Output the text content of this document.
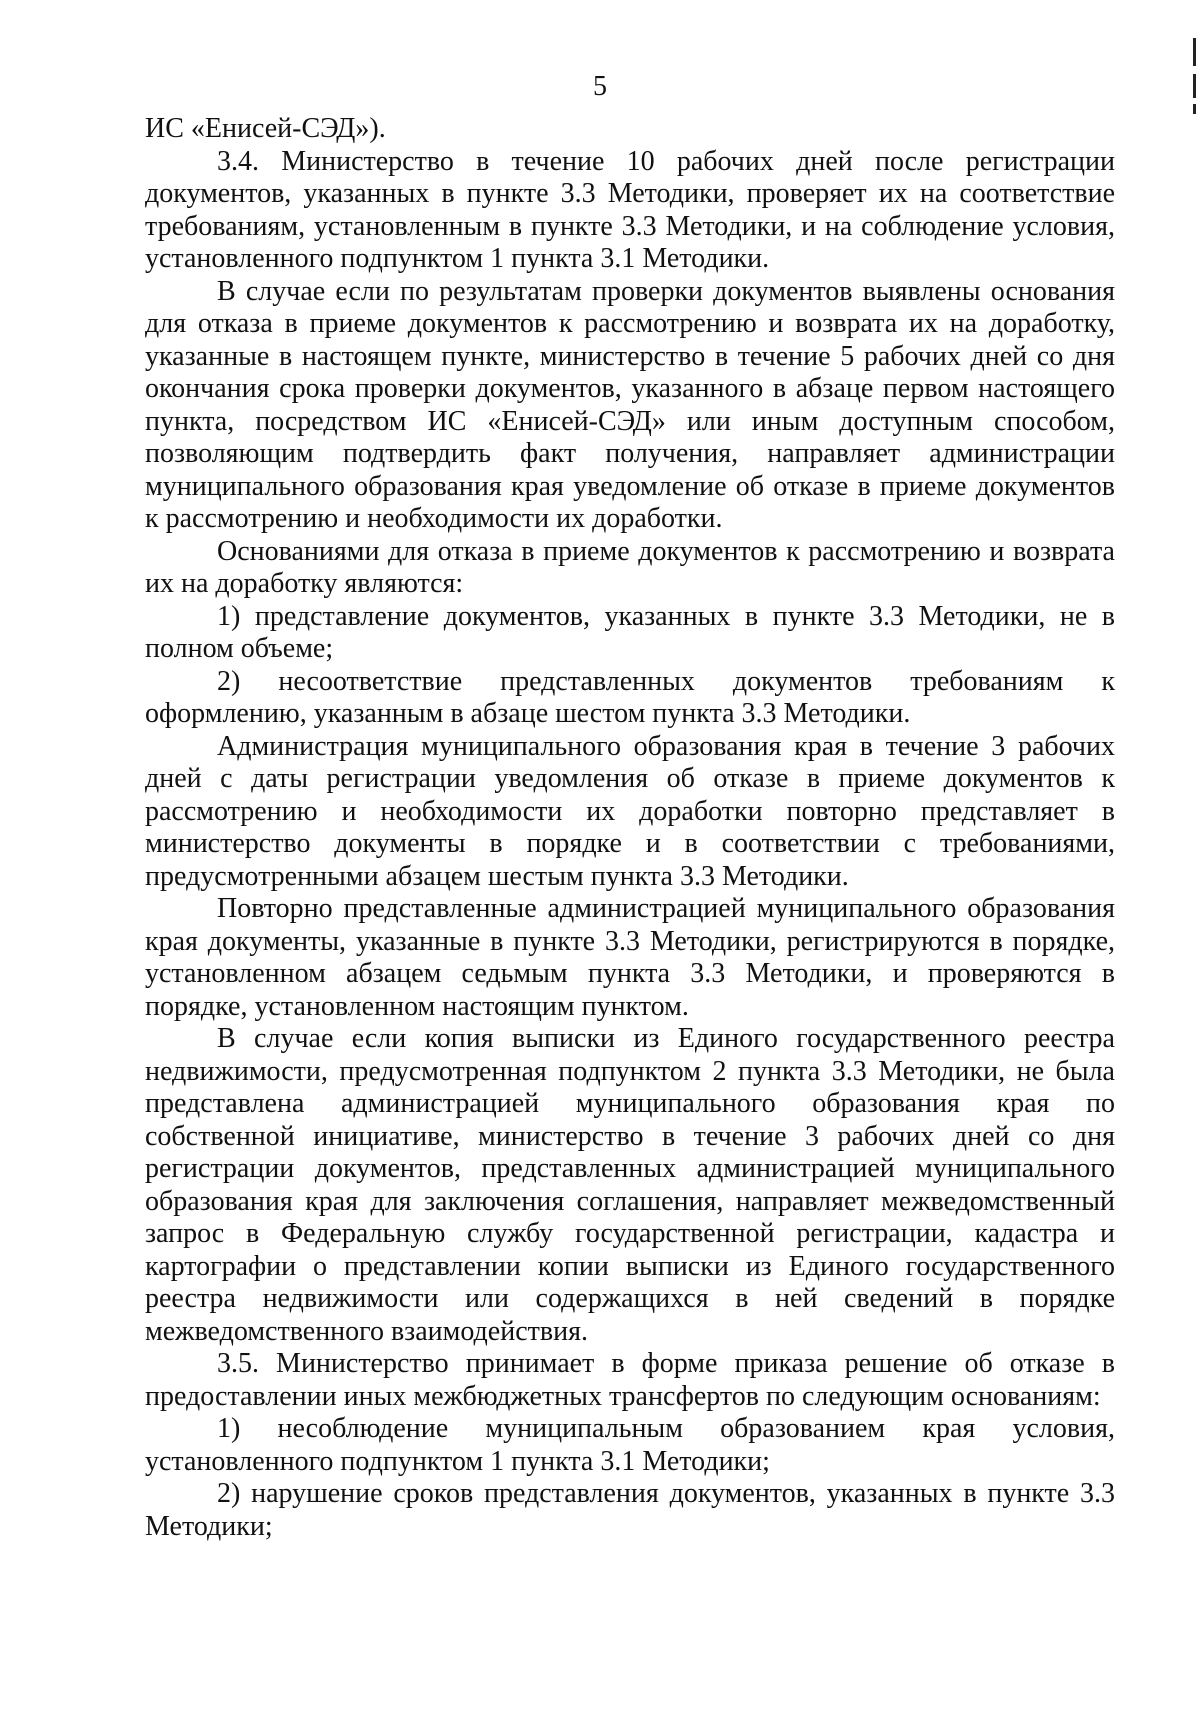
5

ИС «Енисей-СЭД»).

3.4. Министерство в течение 10 рабочих дней после регистрации документов, указанных в пункте 3.3 Методики, проверяет их на соответствие требованиям, установленным в пункте 3.3 Методики, и на соблюдение условия, установленного подпунктом 1 пункта 3.1 Методики.

В случае если по результатам проверки документов выявлены основания для отказа в приеме документов к рассмотрению и возврата их на доработку, указанные в настоящем пункте, министерство в течение 5 рабочих дней со дня окончания срока проверки документов, указанного в абзаце первом настоящего пункта, посредством ИС «Енисей-СЭД» или иным доступным способом, позволяющим подтвердить факт получения, направляет администрации муниципального образования края уведомление об отказе в приеме документов к рассмотрению и необходимости их доработки.

Основаниями для отказа в приеме документов к рассмотрению и возврата их на доработку являются:

1) представление документов, указанных в пункте 3.3 Методики, не в полном объеме;

2) несоответствие представленных документов требованиям к оформлению, указанным в абзаце шестом пункта 3.3 Методики.

Администрация муниципального образования края в течение 3 рабочих дней с даты регистрации уведомления об отказе в приеме документов к рассмотрению и необходимости их доработки повторно представляет в министерство документы в порядке и в соответствии с требованиями, предусмотренными абзацем шестым пункта 3.3 Методики.

Повторно представленные администрацией муниципального образования края документы, указанные в пункте 3.3 Методики, регистрируются в порядке, установленном абзацем седьмым пункта 3.3 Методики, и проверяются в порядке, установленном настоящим пунктом.

В случае если копия выписки из Единого государственного реестра недвижимости, предусмотренная подпунктом 2 пункта 3.3 Методики, не была представлена администрацией муниципального образования края по собственной инициативе, министерство в течение 3 рабочих дней со дня регистрации документов, представленных администрацией муниципального образования края для заключения соглашения, направляет межведомственный запрос в Федеральную службу государственной регистрации, кадастра и картографии о представлении копии выписки из Единого государственного реестра недвижимости или содержащихся в ней сведений в порядке межведомственного взаимодействия.

3.5. Министерство принимает в форме приказа решение об отказе в предоставлении иных межбюджетных трансфертов по следующим основаниям:

1) несоблюдение муниципальным образованием края условия, установленного подпунктом 1 пункта 3.1 Методики;

2) нарушение сроков представления документов, указанных в пункте 3.3 Методики;
